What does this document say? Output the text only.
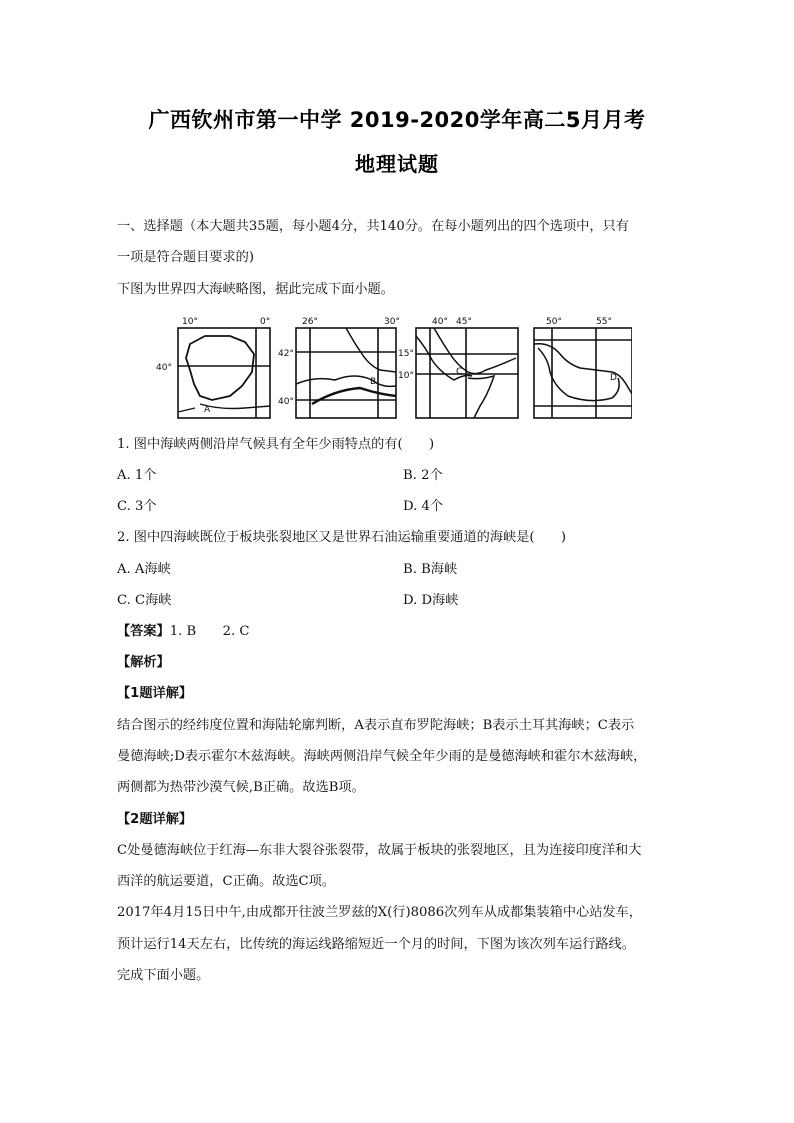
广西钦州市第一中学 2019-2020学年高二5月月考
地理试题
一、选择题（本大题共35题，每小题4分，共140分。在每小题列出的四个选项中，只有
一项是符合题目要求的)
下图为世界四大海峡略图，据此完成下面小题。
10°	0°
40°
A
26°	30°
42°
40°
B
40° 45°
15°
10°	C
50°	55°
D
1. 图中海峡两侧沿岸气候具有全年少雨特点的有(　　)
A. 1个	B. 2个
C. 3个	D. 4个
2. 图中四海峡既位于板块张裂地区又是世界石油运输重要通道的海峡是(　　)
A. A海峡	B. B海峡
C. C海峡	D. D海峡
【答案】1. B　　2. C
【解析】
【1题详解】
结合图示的经纬度位置和海陆轮廓判断，A表示直布罗陀海峡；B表示土耳其海峡；C表示
曼德海峡;D表示霍尔木兹海峡。海峡两侧沿岸气候全年少雨的是曼德海峡和霍尔木兹海峡，
两侧都为热带沙漠气候,B正确。故选B项。
【2题详解】
C处曼德海峡位于红海—东非大裂谷张裂带，故属于板块的张裂地区，且为连接印度洋和大
西洋的航运要道，C正确。故选C项。
2017年4月15日中午,由成都开往波兰罗兹的X(行)8086次列车从成都集装箱中心站发车，
预计运行14天左右，比传统的海运线路缩短近一个月的时间，下图为该次列车运行路线。
完成下面小题。
